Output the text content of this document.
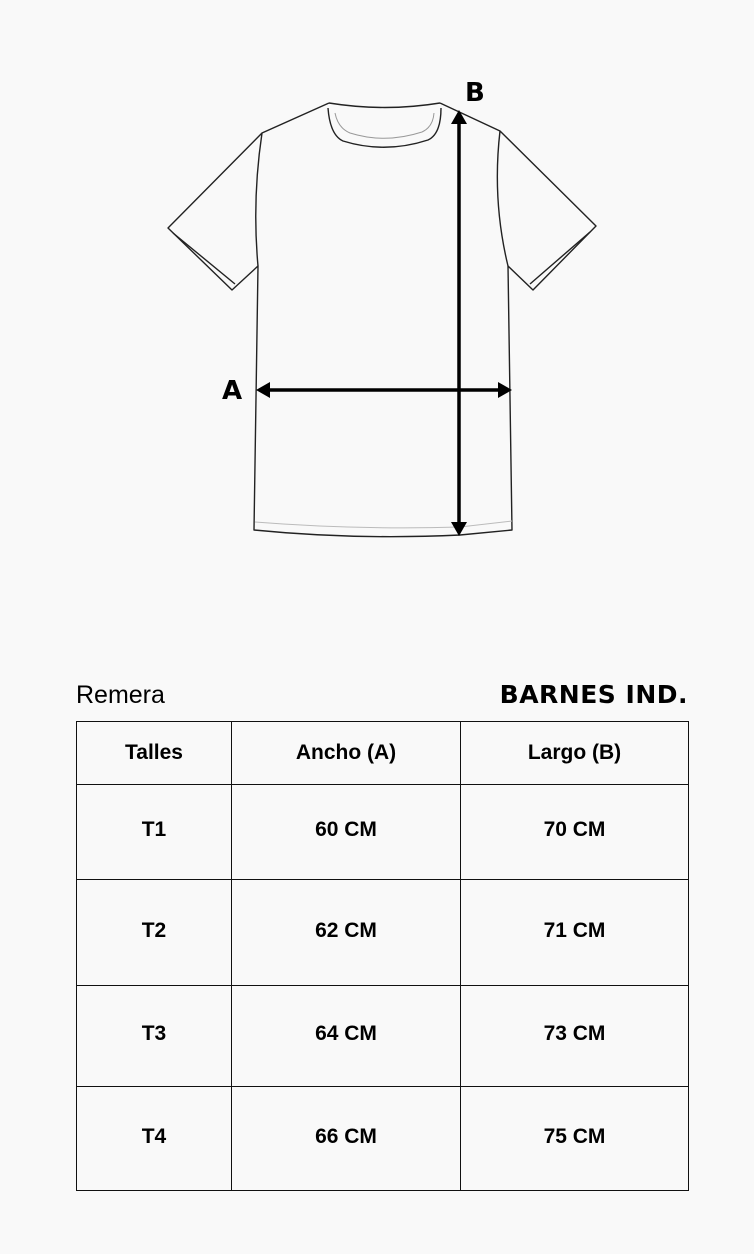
A
B
Remera	BARNES IND.
Talles	Ancho (A)	Largo (B)
T1	60 CM	70 CM
T2	62 CM	71 CM
T3	64 CM	73 CM
T4	66 CM	75 CM
